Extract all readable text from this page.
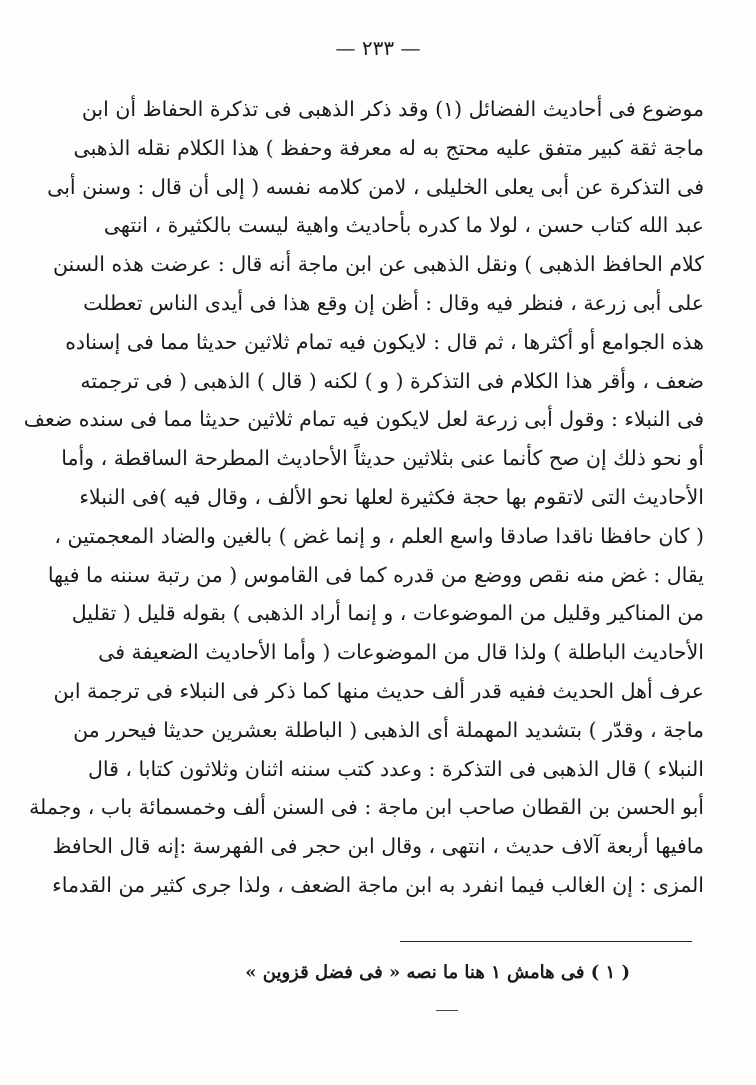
— ٢٣٣ —
موضوع فى أحاديث الفضائل (١) وقد ذكر الذهبى فى تذكرة الحفاظ أن ابن
ماجة ثقة كبير متفق عليه محتج به له معرفة وحفظ ) هذا الكلام نقله الذهبى
فى التذكرة عن أبى يعلى الخليلى ، لامن كلامه نفسه ( إلى أن قال : وسنن أبى
عبد الله كتاب حسن ، لولا ما كدره بأحاديث واهية ليست بالكثيرة ، انتهى
كلام الحافظ الذهبى ) ونقل الذهبى عن ابن ماجة أنه قال : عرضت هذه السنن
على أبى زرعة ، فنظر فيه وقال : أظن إن وقع هذا فى أيدى الناس تعطلت
هذه الجوامع أو أكثرها ، ثم قال : لايكون فيه تمام ثلاثين حديثا مما فى إسناده
ضعف ، وأقر هذا الكلام فى التذكرة ( و ) لكنه ( قال ) الذهبى ( فى ترجمته
فى النبلاء : وقول أبى زرعة لعل لايكون فيه تمام ثلاثين حديثا مما فى سنده ضعف
أو نحو ذلك إن صح كأنما عنى بثلاثين حديثاً الأحاديث المطرحة الساقطة ، وأما
الأحاديث التى لاتقوم بها حجة فكثيرة لعلها نحو الألف ، وقال فيه )فى النبلاء
( كان حافظا ناقدا صادقا واسع العلم ، و إنما غض ) بالغين والضاد المعجمتين ،
يقال : غض منه نقص ووضع من قدره كما فى القاموس ( من رتبة سننه ما فيها
من المناكير وقليل من الموضوعات ، و إنما أراد الذهبى ) بقوله قليل ( تقليل
الأحاديث الباطلة ) ولذا قال من الموضوعات ( وأما الأحاديث الضعيفة فى
عرف أهل الحديث ففيه قدر ألف حديث منها كما ذكر فى النبلاء فى ترجمة ابن
ماجة ، وقدّر ) بتشديد المهملة أى الذهبى ( الباطلة بعشرين حديثا فيحرر من
النبلاء ) قال الذهبى فى التذكرة : وعدد كتب سننه اثنان وثلاثون كتابا ، قال
أبو الحسن بن القطان صاحب ابن ماجة : فى السنن ألف وخمسمائة باب ، وجملة
مافيها أربعة آلاف حديث ، انتهى ، وقال ابن حجر فى الفهرسة :إنه قال الحافظ
المزى : إن الغالب فيما انفرد به ابن ماجة الضعف ، ولذا جرى كثير من القدماء
( ١ ) فى هامش ١ هنا ما نصه « فى فضل قزوين »
